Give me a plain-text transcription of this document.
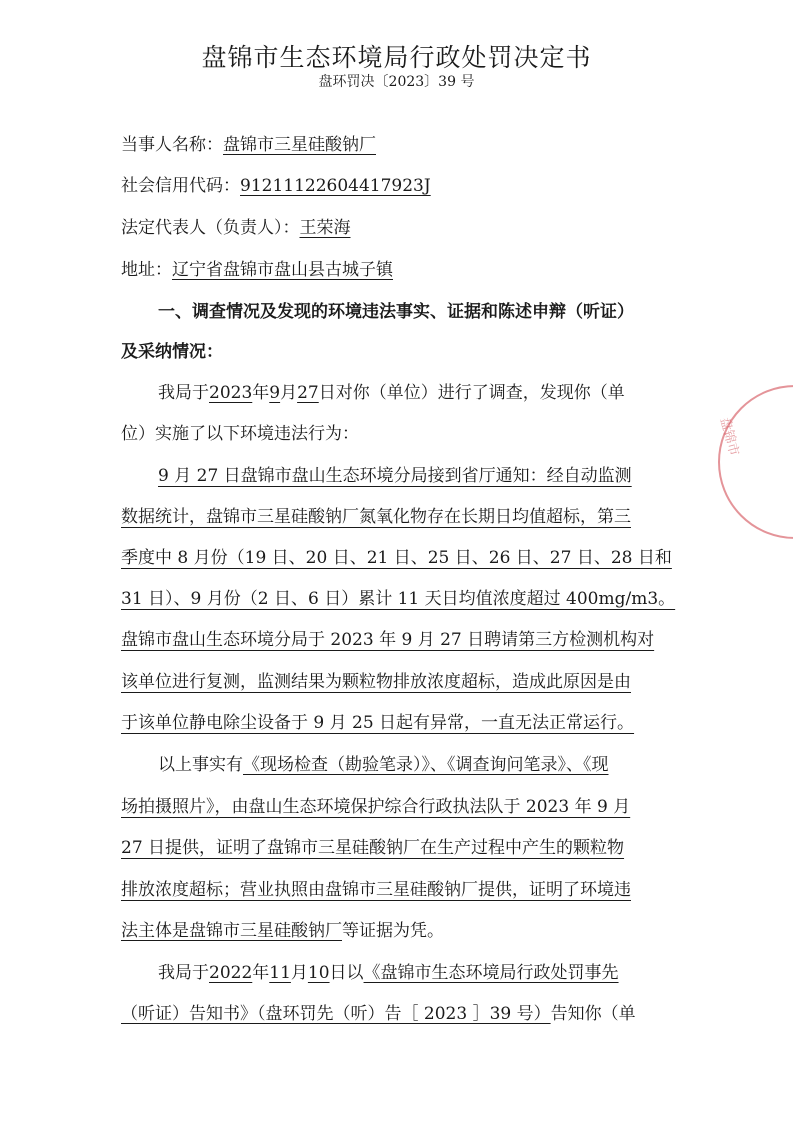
盘锦市生态环境局行政处罚决定书
盘环罚决〔2023〕39 号
当事人名称：盘锦市三星硅酸钠厂
社会信用代码：91211122604417923J
法定代表人（负责人）：王荣海
地址：辽宁省盘锦市盘山县古城子镇
一、调查情况及发现的环境违法事实、证据和陈述申辩（听证）
及采纳情况：
我局于2023年9月27日对你（单位）进行了调查，发现你（单
位）实施了以下环境违法行为：
9 月 27 日盘锦市盘山生态环境分局接到省厅通知：经自动监测
数据统计，盘锦市三星硅酸钠厂氮氧化物存在长期日均值超标，第三
季度中 8 月份（19 日、20 日、21 日、25 日、26 日、27 日、28 日和
31 日）、9 月份（2 日、6 日）累计 11 天日均值浓度超过 400mg/m3。
盘锦市盘山生态环境分局于 2023 年 9 月 27 日聘请第三方检测机构对
该单位进行复测，监测结果为颗粒物排放浓度超标，造成此原因是由
于该单位静电除尘设备于 9 月 25 日起有异常，一直无法正常运行。
以上事实有《现场检查（勘验笔录）》、《调查询问笔录》、《现
场拍摄照片》，由盘山生态环境保护综合行政执法队于 2023 年 9 月
27 日提供，证明了盘锦市三星硅酸钠厂在生产过程中产生的颗粒物
排放浓度超标；营业执照由盘锦市三星硅酸钠厂提供，证明了环境违
法主体是盘锦市三星硅酸钠厂等证据为凭。
我局于2022年11月10日以《盘锦市生态环境局行政处罚事先
（听证）告知书》（盘环罚先（听）告［ 2023 ］39 号）告知你（单
盘锦市
